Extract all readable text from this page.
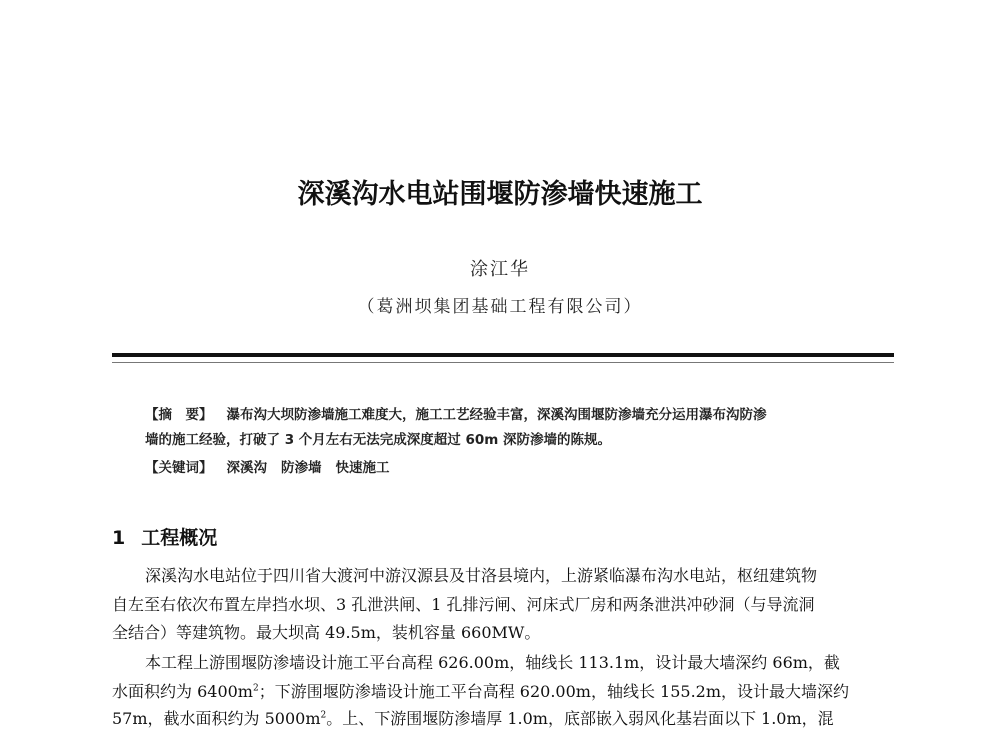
深溪沟水电站围堰防渗墙快速施工
涂江华
（葛洲坝集团基础工程有限公司）
【摘　要】 瀑布沟大坝防渗墙施工难度大，施工工艺经验丰富，深溪沟围堰防渗墙充分运用瀑布沟防渗
墙的施工经验，打破了 3 个月左右无法完成深度超过 60m 深防渗墙的陈规。
【关键词】 深溪沟 防渗墙 快速施工
1 工程概况
深溪沟水电站位于四川省大渡河中游汉源县及甘洛县境内，上游紧临瀑布沟水电站，枢纽建筑物
自左至右依次布置左岸挡水坝、3 孔泄洪闸、1 孔排污闸、河床式厂房和两条泄洪冲砂洞（与导流洞
全结合）等建筑物。最大坝高 49.5m，装机容量 660MW。
本工程上游围堰防渗墙设计施工平台高程 626.00m，轴线长 113.1m，设计最大墙深约 66m，截
水面积约为 $6400m^2$；下游围堰防渗墙设计施工平台高程 620.00m，轴线长 155.2m，设计最大墙深约
57m，截水面积约为 $5000m^2$。上、下游围堰防渗墙厚 1.0m，底部嵌入弱风化基岩面以下 1.0m，混
